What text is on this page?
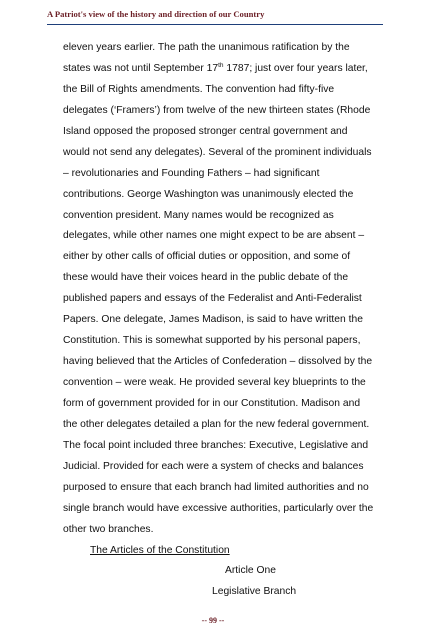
A Patriot's view of the history and direction of our Country
eleven years earlier. The path the unanimous ratification by the
states was not until September 17th 1787; just over four years later,
the Bill of Rights amendments. The convention had fifty-five
delegates (‘Framers’) from twelve of the new thirteen states (Rhode
Island opposed the proposed stronger central government and
would not send any delegates). Several of the prominent individuals
– revolutionaries and Founding Fathers – had significant
contributions. George Washington was unanimously elected the
convention president. Many names would be recognized as
delegates, while other names one might expect to be are absent –
either by other calls of official duties or opposition, and some of
these would have their voices heard in the public debate of the
published papers and essays of the Federalist and Anti-Federalist
Papers. One delegate, James Madison, is said to have written the
Constitution. This is somewhat supported by his personal papers,
having believed that the Articles of Confederation – dissolved by the
convention – were weak. He provided several key blueprints to the
form of government provided for in our Constitution. Madison and
the other delegates detailed a plan for the new federal government.
The focal point included three branches: Executive, Legislative and
Judicial. Provided for each were a system of checks and balances
purposed to ensure that each branch had limited authorities and no
single branch would have excessive authorities, particularly over the
other two branches.
The Articles of the Constitution
Article One
Legislative Branch
-- 99 --
